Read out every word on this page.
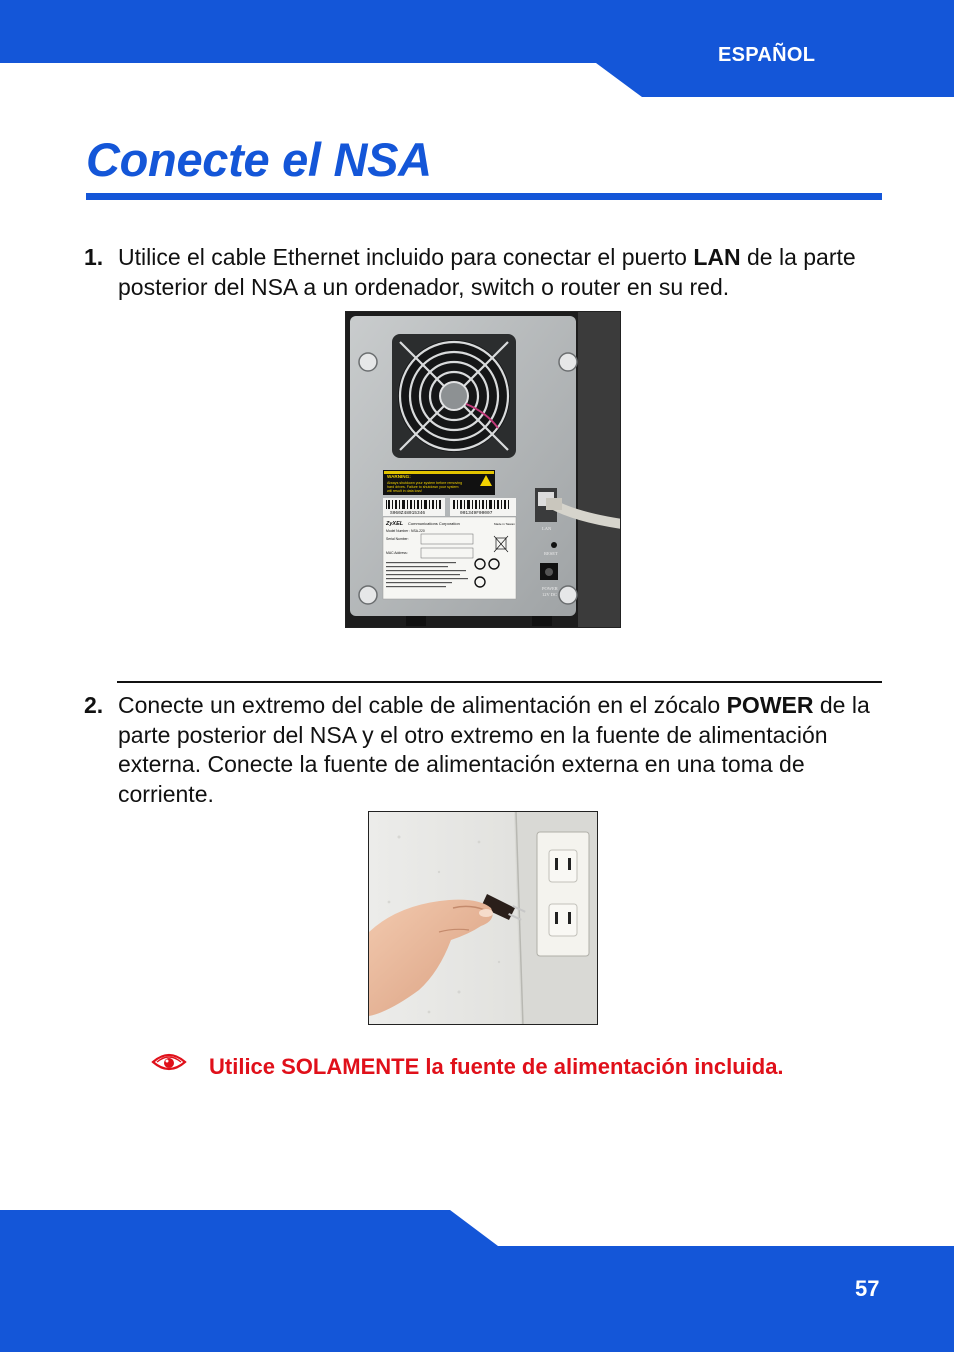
ESPAÑOL
Conecte el NSA
1. Utilice el cable Ethernet incluido para conectar el puerto LAN de la parte posterior del NSA a un ordenador, switch o router en su red.

WARNING:
Always shutdown your system before removing
hard drives. Failure to shutdown your system
will result in data loss!
S060Z48015346	001349F00007
ZyXEL Communications Corporation	Made in Taiwan
Model Number : NSA-220
Serial Number:
MAC Address:
LAN
RESET
POWER
12V DC
2. Conecte un extremo del cable de alimentación en el zócalo POWER de la parte posterior del NSA y el otro extremo en la fuente de alimentación externa. Conecte la fuente de alimentación externa en una toma de corriente.

Utilice SOLAMENTE la fuente de alimentación incluida.

57
